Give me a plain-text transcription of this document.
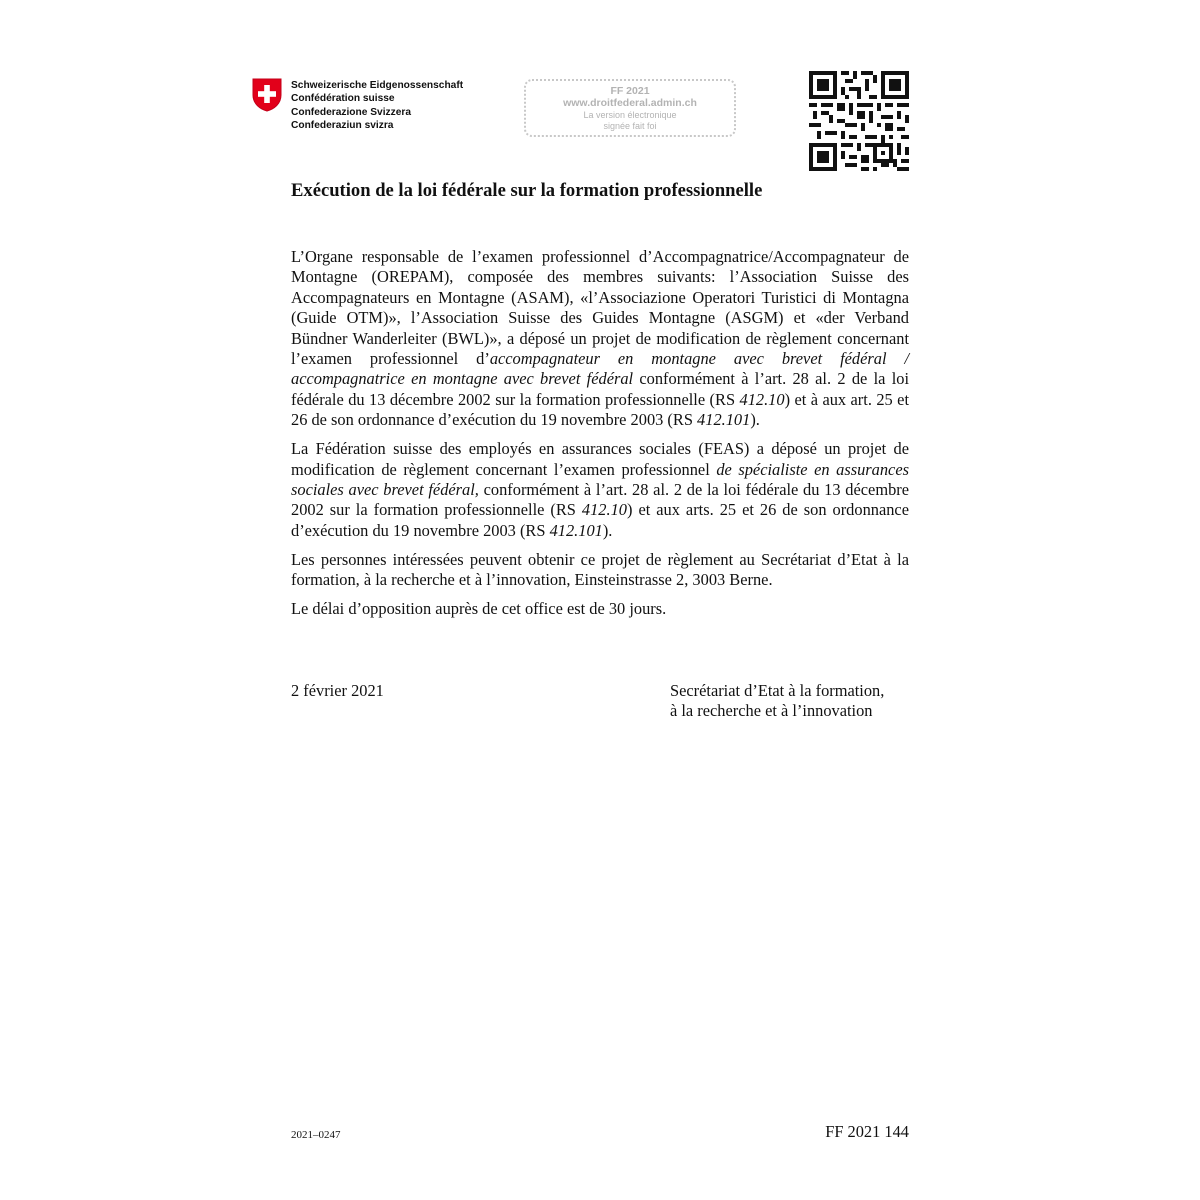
Schweizerische Eidgenossenschaft
Confédération suisse
Confederazione Svizzera
Confederaziun svizra
FF 2021
www.droitfederal.admin.ch
La version électronique
signée fait foi
Exécution de la loi fédérale sur la formation professionnelle

L’Organe responsable de l’examen professionnel d’Accompagnatrice/Accompagnateur de Montagne (OREPAM), composée des membres suivants: l’Association Suisse des Accompagnateurs en Montagne (ASAM), «l’Associazione Operatori Turistici di Montagna (Guide OTM)», l’Association Suisse des Guides Montagne (ASGM) et «der Verband Bündner Wanderleiter (BWL)», a déposé un projet de modification de règlement concernant l’examen professionnel d’accompagnateur en montagne avec brevet fédéral / accompagnatrice en montagne avec brevet fédéral conformément à l’art. 28 al. 2 de la loi fédérale du 13 décembre 2002 sur la formation professionnelle (RS 412.10) et à aux art. 25 et 26 de son ordonnance d’exécution du 19 novembre 2003 (RS 412.101).

La Fédération suisse des employés en assurances sociales (FEAS) a déposé un projet de modification de règlement concernant l’examen professionnel de spécialiste en assurances sociales avec brevet fédéral, conformément à l’art. 28 al. 2 de la loi fédérale du 13 décembre 2002 sur la formation professionnelle (RS 412.10) et aux arts. 25 et 26 de son ordonnance d’exécution du 19 novembre 2003 (RS 412.101).

Les personnes intéressées peuvent obtenir ce projet de règlement au Secrétariat d’Etat à la formation, à la recherche et à l’innovation, Einsteinstrasse 2, 3003 Berne.

Le délai d’opposition auprès de cet office est de 30 jours.

2 février 2021	Secrétariat d’Etat à la formation,
à la recherche et à l’innovation
2021–0247	FF 2021 144
